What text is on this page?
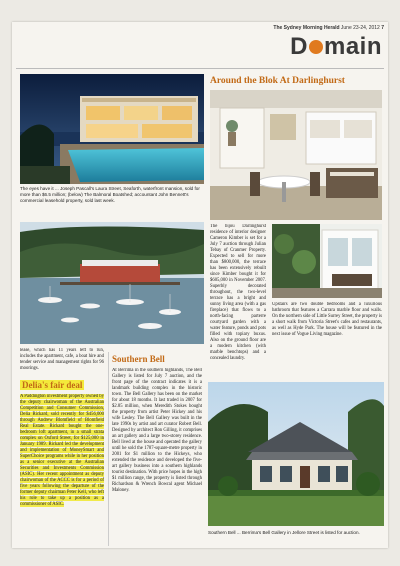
The Sydney Morning Herald June 23-24, 2012 7
D main
The eyes have it ... Joseph Pascall's Laura Street, Seaforth, waterfront mansion, sold for more than $6.5 million; (below) The Balmoral Boatshed; accountant John Bennett's commercial leasehold property, sold last week.
lease, which has 11 years left to run, includes the apartment, cafe, a boat hire and tender service and management rights for 96 moorings.
Delia's fair deal
A Paddington investment property owned by the deputy chairwoman of the Australian Competition and Consumer Commission, Delia Rickard, sold recently for $456,000 through Andrew Blomfield of Blomfield Real Estate. Rickard bought the one-bedroom loft apartment, in a small strata complex on Oxford Street, for $125,000 in January 1989. Rickard led the development and implementation of MoneySmart and SuperChoice programs while in her position as a senior executive at the Australian Securities and Investments Commission (ASIC). Her recent appointment as deputy chairwoman of the ACCC is for a period of five years following the departure of the former deputy chairman Peter Kell, who left his role to take up a position as a commissioner of ASIC.
Southern Bell
At Berrima in the southern highlands, The Bell Gallery is listed for July 7 auction, and the front page of the contract indicates it is a landmark building complex in the historic town. The Bell Gallery has been on the market for about 18 months. It last traded in 2007 for $2.85 million, when Meredith Stokes bought the property from artist Peter Hickey and his wife Lesley. The Bell Gallery was built in the late 1990s by artist and art curator Robert Bell. Designed by architect Ron Gilling, it comprises an art gallery and a large two-storey residence. Bell lived at the house and operated the gallery until he sold the 1787-square-metre property in 2001 for $1 million to the Hickeys, who extended the residence and developed the five-art gallery business into a southern highlands tourist destination. With price hopes in the high $1 million range, the property is listed through Richardson & Wrench Bowral agent Michael Maloney.
Around the Blok At Darlinghurst
The bijou Darlinghurst residence of interior designer Cameron Kimber is set for a July 7 auction through Julian Tebay of Cranmer Property. Expected to sell for more than $800,000, the terrace has been extensively rebuilt since Kimber bought it for $605,000 in November 2007. Superbly decorated throughout, the two-level terrace has a bright and sunny living area (with a gas fireplace) that flows to a north-facing parterre courtyard garden with a water feature, ponds and pots filled with topiary buxus. Also on the ground floor are a modern kitchen (with marble benchtops) and a concealed laundry.
Upstairs are two double bedrooms and a luxurious bathroom that features a Carrara marble floor and walls. On the northern side of Little Surrey Street, the property is a short walk from Victoria Street's cafes and restaurants, as well as Hyde Park. The house will be featured in the next issue of Vogue Living magazine.
Southern Bell ... Berrima's Bell Gallery in Jellore Street is listed for auction.
